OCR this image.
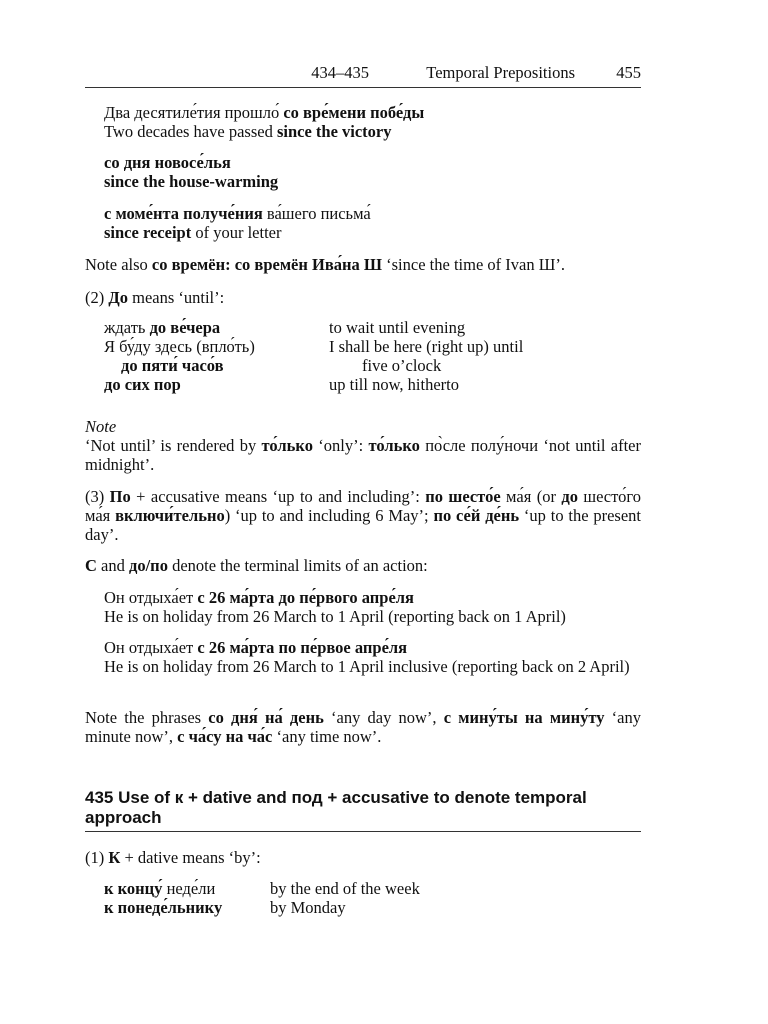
434–435	Temporal Prepositions	455
Два десятиле́тия прошло́ со вре́мени побе́ды
Two decades have passed since the victory
со дня новосе́лья
since the house-warming
с моме́нта получе́ния ва́шего письма́
since receipt of your letter
Note also со времён: со времён Ива́на Ш ‘since the time of Ivan Ш’.
(2) До means ‘until’:
ждать до ве́чера	to wait until evening
Я бу́ду здесь (впло́ть)	I shall be here (right up) until
до пяти́ часо́в	five o’clock
до сих пор	up till now, hitherto
Note
‘Not until’ is rendered by то́лько ‘only’: то́лько по̀сле полу́ночи ‘not until after midnight’.
(3) По + accusative means ‘up to and including’: по шесто́е ма́я (or до шесто́го ма́я включи́тельно) ‘up to and including 6 May’; по се́й де́нь ‘up to the present day’.
С and до/по denote the terminal limits of an action:
Он отдыха́ет с 26 ма́рта до пе́рвого апре́ля
He is on holiday from 26 March to 1 April (reporting back on 1 April)
Он отдыха́ет с 26 ма́рта по пе́рвое апре́ля
He is on holiday from 26 March to 1 April inclusive (reporting back on 2 April)
Note the phrases со дня́ на́ день ‘any day now’, с мину́ты на мину́ту ‘any minute now’, с ча́су на ча́с ‘any time now’.
435 Use of к + dative and под + accusative to denote temporal approach
(1) К + dative means ‘by’:
к концу́ неде́ли	by the end of the week
к понеде́льнику	by Monday
